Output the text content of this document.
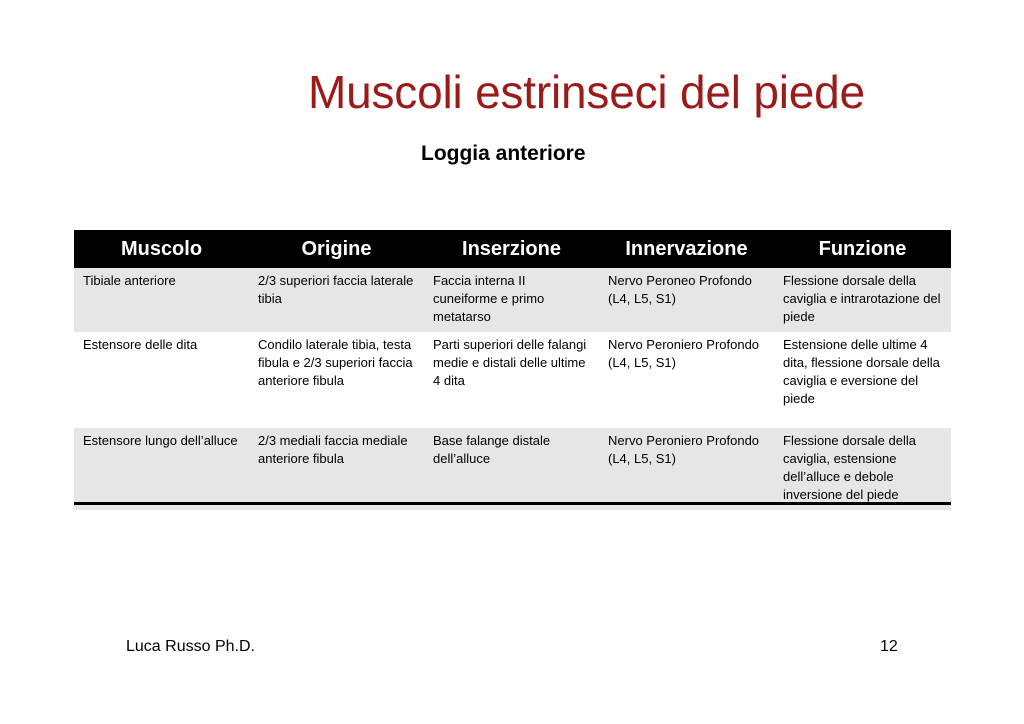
Muscoli estrinseci del piede
Loggia anteriore
Muscolo	Origine	Inserzione	Innervazione	Funzione
Tibiale anteriore	2/3 superiori faccia laterale tibia	Faccia interna II cuneiforme e primo metatarso	Nervo Peroneo Profondo (L4, L5, S1)	Flessione dorsale della caviglia e intrarotazione del piede
Estensore delle dita	Condilo laterale tibia, testa fibula e 2/3 superiori faccia anteriore fibula	Parti superiori delle falangi medie e distali delle ultime 4 dita	Nervo Peroniero Profondo (L4, L5, S1)	Estensione delle ultime 4 dita, flessione dorsale della caviglia e eversione del piede
Estensore lungo dell’alluce	2/3 mediali faccia mediale anteriore fibula	Base falange distale dell’alluce	Nervo Peroniero Profondo (L4, L5, S1)	Flessione dorsale della caviglia, estensione dell’alluce e debole inversione del piede
Luca Russo Ph.D.	12
